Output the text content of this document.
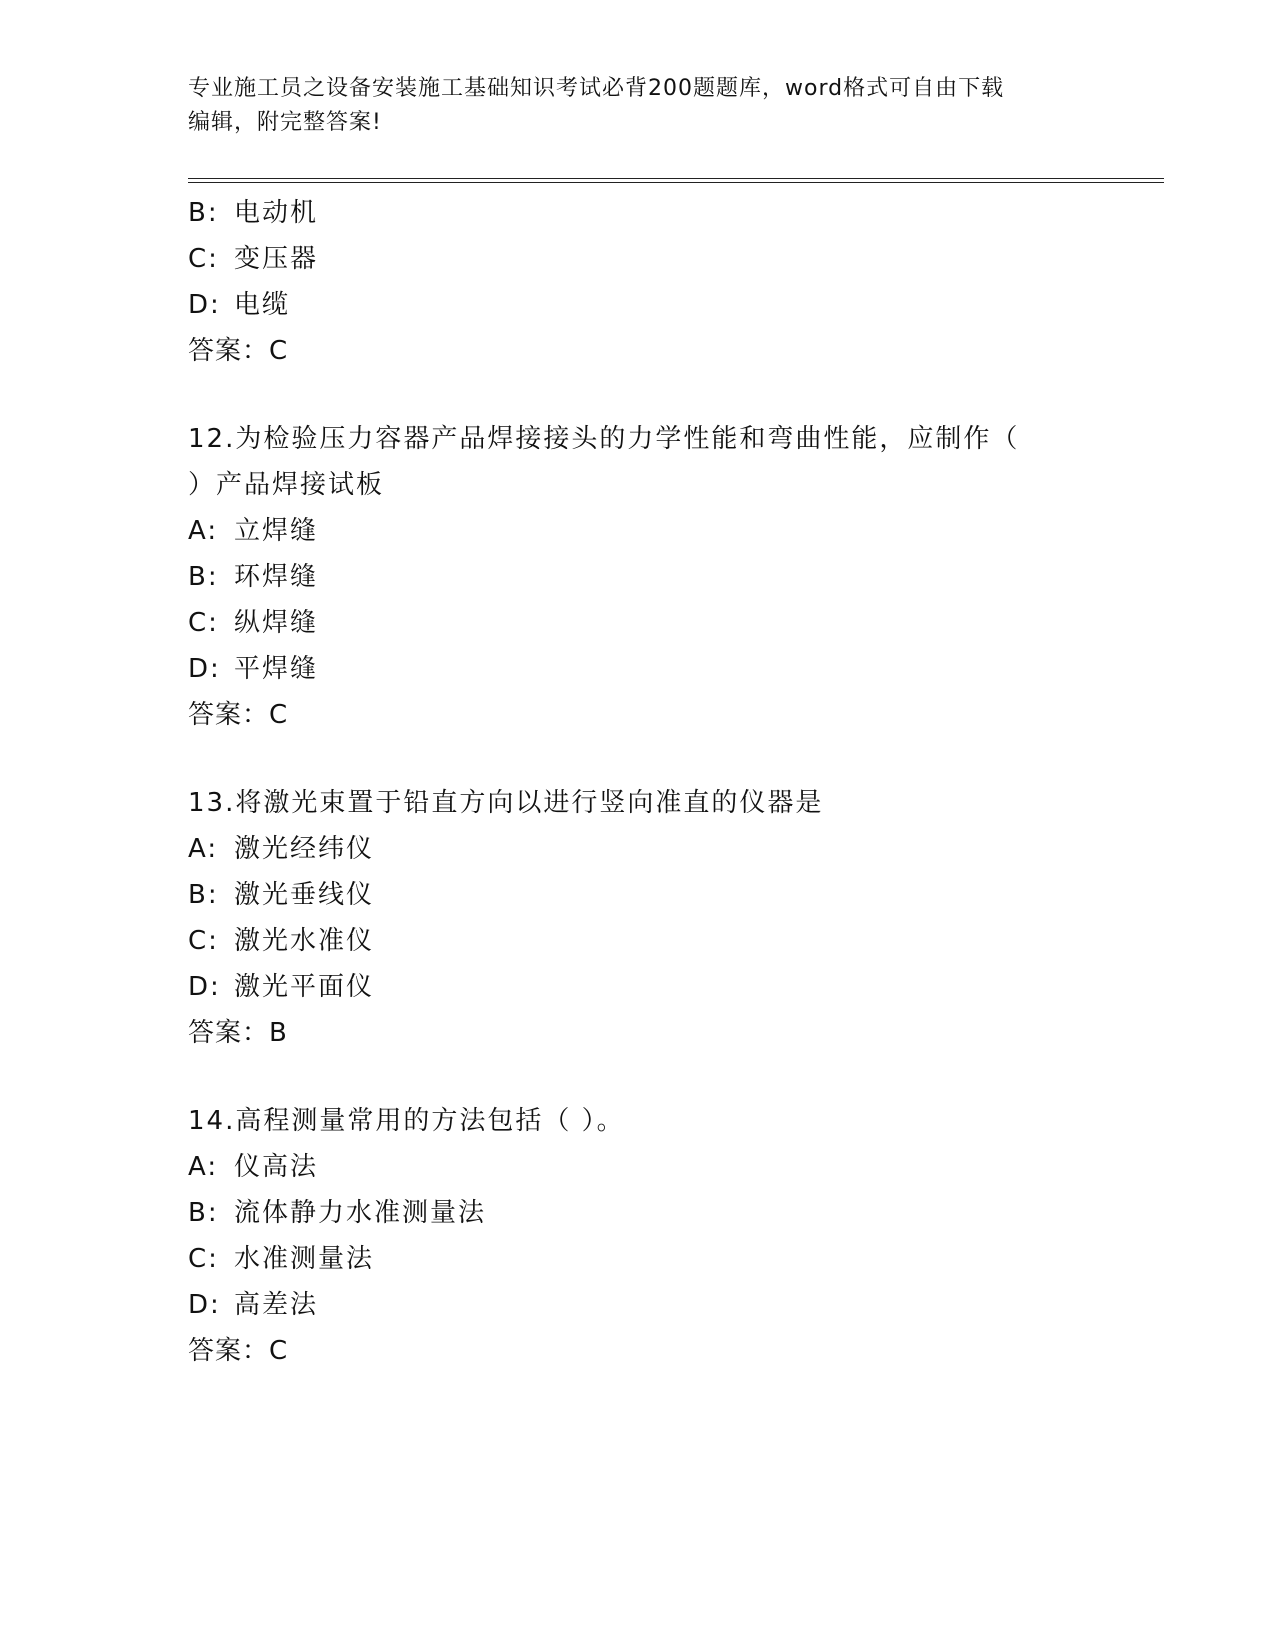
专业施工员之设备安装施工基础知识考试必背200题题库，word格式可自由下载
编辑，附完整答案!
B: 电动机
C: 变压器
D: 电缆
答案：C
12.为检验压力容器产品焊接接头的力学性能和弯曲性能，应制作（
）产品焊接试板
A: 立焊缝
B: 环焊缝
C: 纵焊缝
D: 平焊缝
答案：C
13.将激光束置于铅直方向以进行竖向准直的仪器是
A: 激光经纬仪
B: 激光垂线仪
C: 激光水准仪
D: 激光平面仪
答案：B
14.高程测量常用的方法包括（ ）。
A: 仪高法
B: 流体静力水准测量法
C: 水准测量法
D: 高差法
答案：C
